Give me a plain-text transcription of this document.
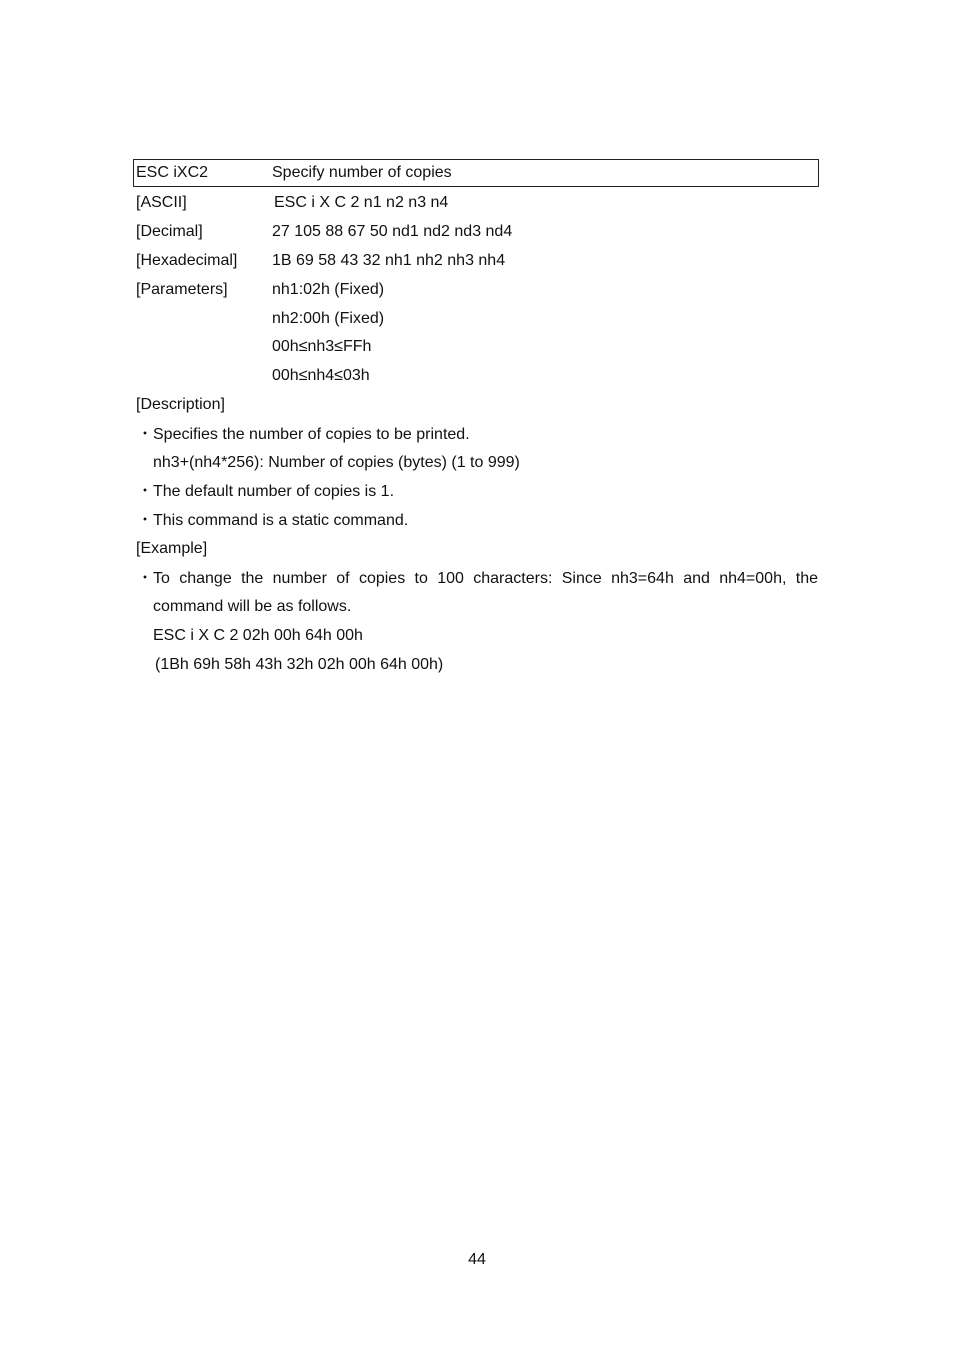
ESC iXC2	Specify number of copies
[ASCII]	ESC i X C 2 n1 n2 n3 n4
[Decimal]	27 105 88 67 50 nd1 nd2 nd3 nd4
[Hexadecimal] 1B 69 58 43 32 nh1 nh2 nh3 nh4
[Parameters]	nh1:02h (Fixed)
nh2:00h (Fixed)
00h≤nh3≤FFh
00h≤nh4≤03h
[Description]
・ Specifies the number of copies to be printed.
nh3+(nh4*256): Number of copies (bytes) (1 to 999)
・ The default number of copies is 1.
・ This command is a static command.
[Example]
・ To change the number of copies to 100 characters: Since nh3=64h and nh4=00h, the
command will be as follows.
ESC i X C 2 02h 00h 64h 00h
(1Bh 69h 58h 43h 32h 02h 00h 64h 00h)
44
